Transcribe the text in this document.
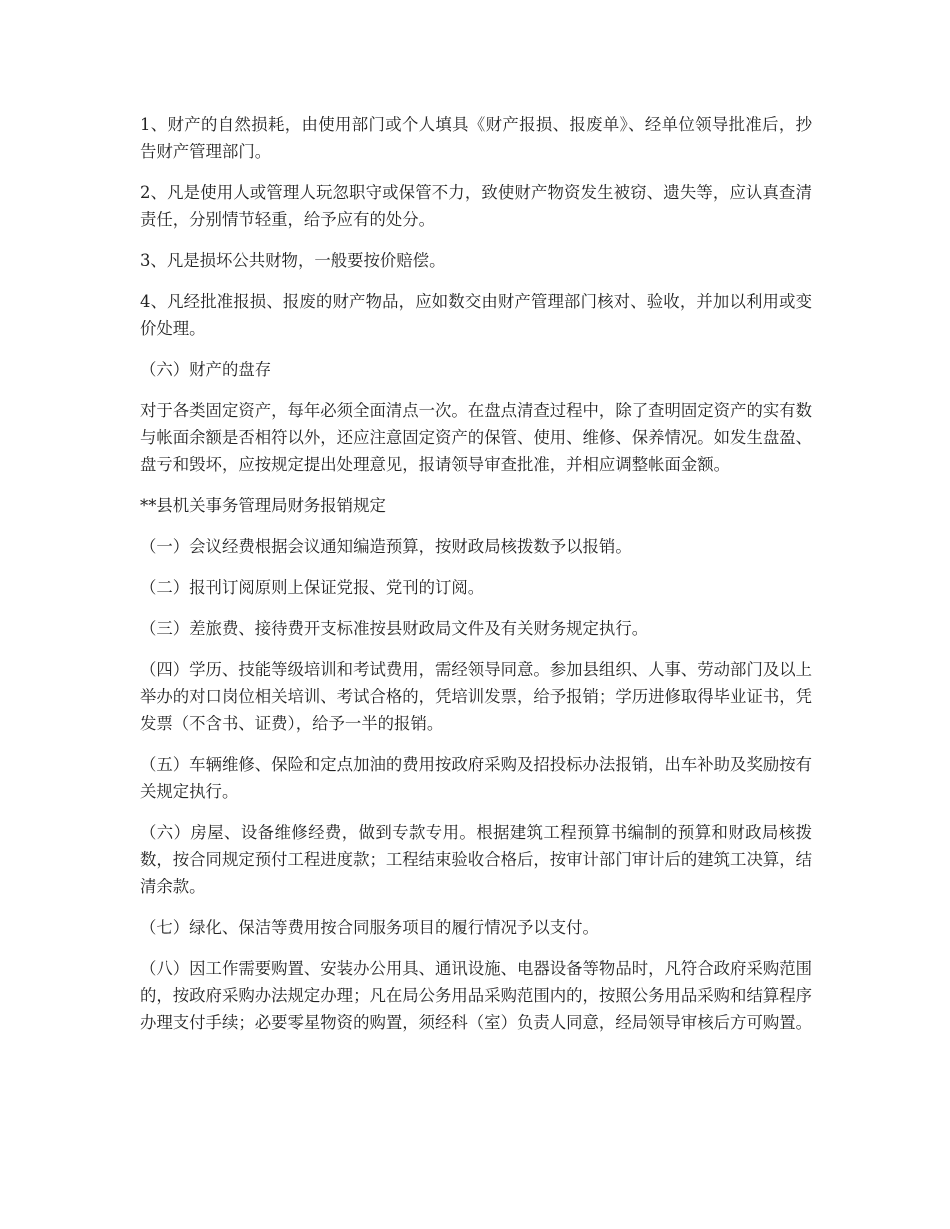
1、财产的自然损耗，由使用部门或个人填具《财产报损、报废单》、经单位领导批准后，抄告财产管理部门。

2、凡是使用人或管理人玩忽职守或保管不力，致使财产物资发生被窃、遗失等，应认真查清责任，分别情节轻重，给予应有的处分。

3、凡是损坏公共财物，一般要按价赔偿。

4、凡经批准报损、报废的财产物品，应如数交由财产管理部门核对、验收，并加以利用或变价处理。

（六）财产的盘存

对于各类固定资产，每年必须全面清点一次。在盘点清查过程中，除了查明固定资产的实有数与帐面余额是否相符以外，还应注意固定资产的保管、使用、维修、保养情况。如发生盘盈、盘亏和毁坏，应按规定提出处理意见，报请领导审查批准，并相应调整帐面金额。

**县机关事务管理局财务报销规定

（一）会议经费根据会议通知编造预算，按财政局核拨数予以报销。

（二）报刊订阅原则上保证党报、党刊的订阅。

（三）差旅费、接待费开支标准按县财政局文件及有关财务规定执行。

（四）学历、技能等级培训和考试费用，需经领导同意。参加县组织、人事、劳动部门及以上举办的对口岗位相关培训、考试合格的，凭培训发票，给予报销；学历进修取得毕业证书，凭发票（不含书、证费），给予一半的报销。

（五）车辆维修、保险和定点加油的费用按政府采购及招投标办法报销，出车补助及奖励按有关规定执行。

（六）房屋、设备维修经费，做到专款专用。根据建筑工程预算书编制的预算和财政局核拨数，按合同规定预付工程进度款；工程结束验收合格后，按审计部门审计后的建筑工决算，结清余款。

（七）绿化、保洁等费用按合同服务项目的履行情况予以支付。

（八）因工作需要购置、安装办公用具、通讯设施、电器设备等物品时，凡符合政府采购范围的，按政府采购办法规定办理；凡在局公务用品采购范围内的，按照公务用品采购和结算程序办理支付手续；必要零星物资的购置，须经科（室）负责人同意，经局领导审核后方可购置。
